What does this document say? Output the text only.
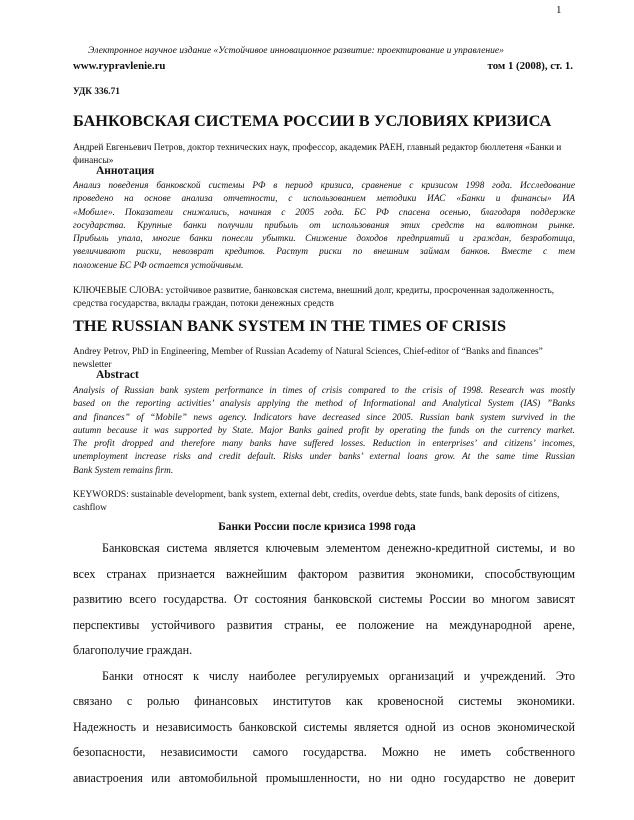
1
Электронное научное издание «Устойчивое инновационное развитие: проектирование и управление»
www.rypravlenie.ru	том 1 (2008), ст. 1.
УДК 336.71
БАНКОВСКАЯ СИСТЕМА РОССИИ В УСЛОВИЯХ КРИЗИСА
Андрей Евгеньевич Петров, доктор технических наук, профессор, академик РАЕН, главный редактор бюллетеня «Банки и финансы»
Аннотация
Анализ поведения банковской системы РФ в период кризиса, сравнение с кризисом 1998 года. Исследование
проведено на основе анализа отчетности, с использованием методики ИАС «Банки и финансы» ИА
«Мобиле». Показатели снижались, начиная с 2005 года. БС РФ спасена осенью, благодаря поддержке
государства. Крупные банки получили прибыль от использования этих средств на валютном рынке.
Прибыль упала, многие банки понесли убытки. Снижение доходов предприятий и граждан, безработица,
увеличивают риски, невозврат кредитов. Растут риски по внешним займам банков. Вместе с тем
положение БС РФ остается устойчивым.
КЛЮЧЕВЫЕ СЛОВА: устойчивое развитие, банковская система, внешний долг, кредиты, просроченная задолженность, средства государства, вклады граждан, потоки денежных средств
THE RUSSIAN BANK SYSTEM IN THE TIMES OF CRISIS
Andrey Petrov, PhD in Engineering, Member of Russian Academy of Natural Sciences, Chief-editor of “Banks and finances” newsletter
Abstract
Analysis of Russian bank system performance in times of crisis compared to the crisis of 1998. Research was mostly
based on the reporting activities’ analysis applying the method of Informational and Analytical System (IAS) ”Banks
and finances” of “Mobile” news agency. Indicators have decreased since 2005. Russian bank system survived in the
autumn because it was supported by State. Major Banks gained profit by operating the funds on the currency market.
The profit dropped and therefore many banks have suffered losses. Reduction in enterprises’ and citizens’ incomes,
unemployment increase risks and credit default. Risks under banks’ external loans grow. At the same time Russian
Bank System remains firm.
KEYWORDS: sustainable development, bank system, external debt, credits, overdue debts, state funds, bank deposits of citizens, cashflow
Банки России после кризиса 1998 года
Банковская система является ключевым элементом денежно-кредитной системы, и во
всех странах признается важнейшим фактором развития экономики, способствующим
развитию всего государства. От состояния банковской системы России во многом зависят
перспективы устойчивого развития страны, ее положение на международной арене,
благополучие граждан.
Банки относят к числу наиболее регулируемых организаций и учреждений. Это
связано с ролью финансовых институтов как кровеносной системы экономики.
Надежность и независимость банковской системы является одной из основ экономической
безопасности, независимости самого государства. Можно не иметь собственного
авиастроения или автомобильной промышленности, но ни одно государство не доверит
